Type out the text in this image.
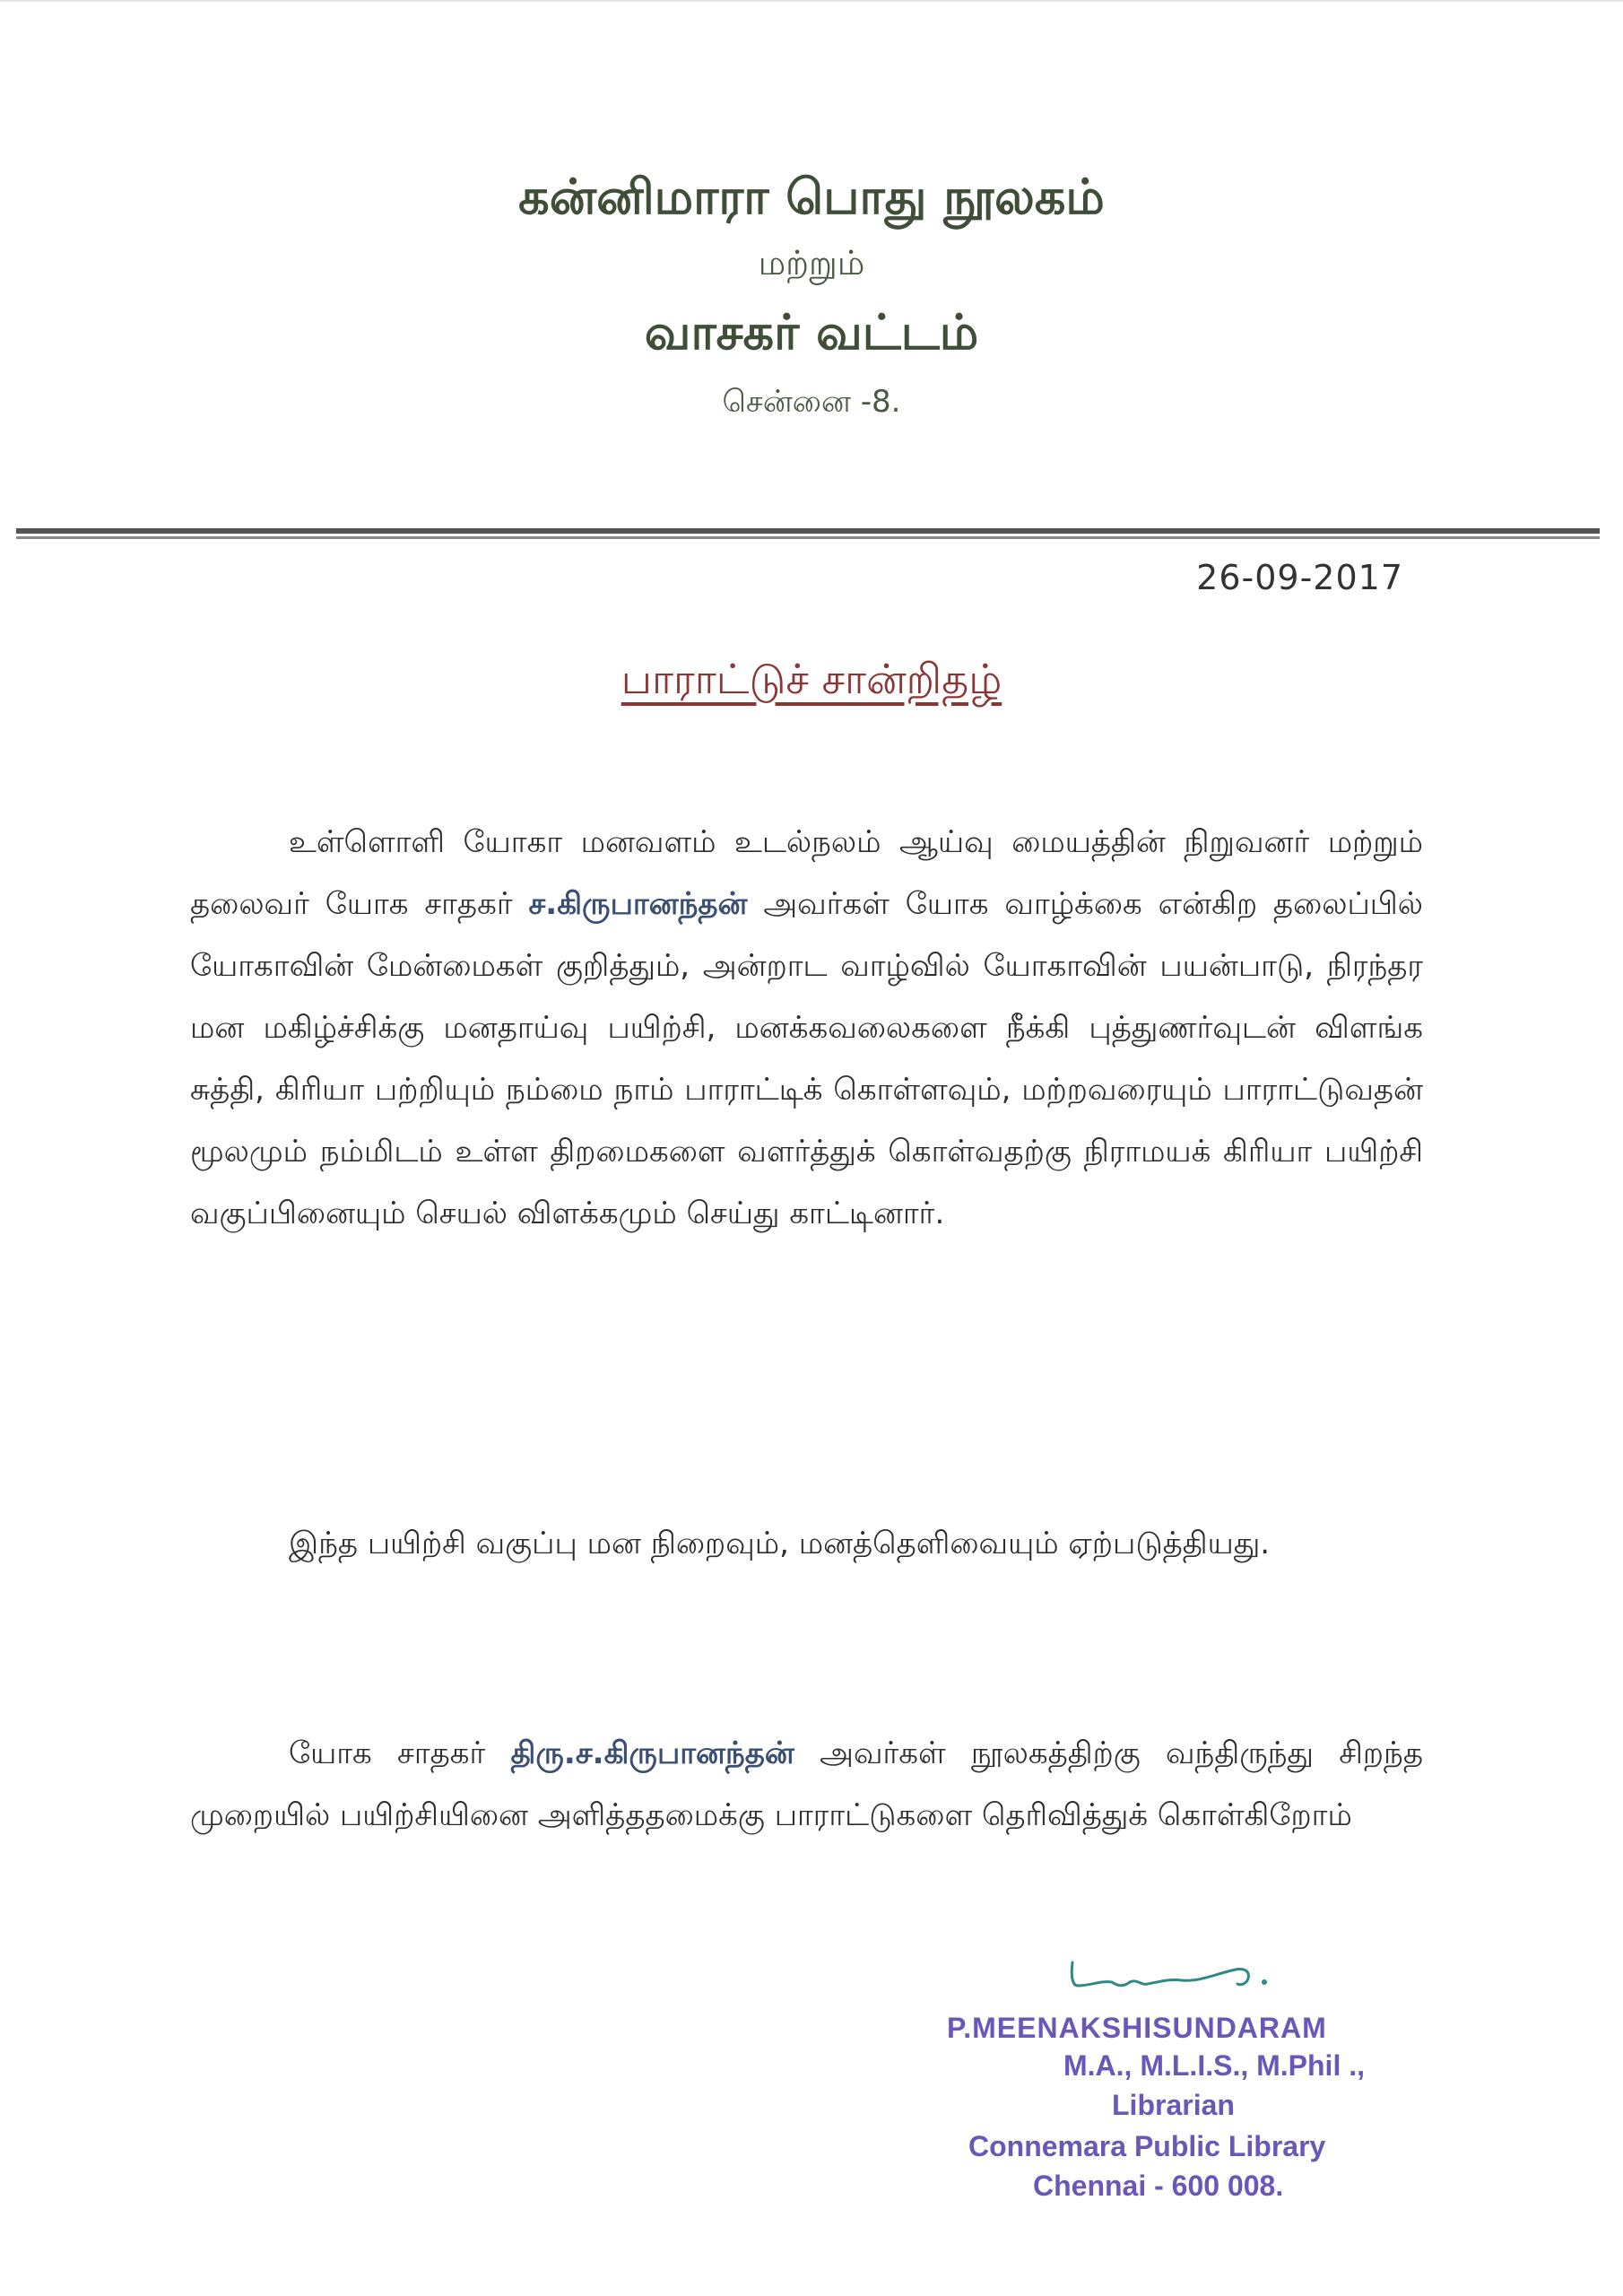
கன்னிமாரா பொது நூலகம்
மற்றும்
வாசகர் வட்டம்
சென்னை -8.
26-09-2017
பாராட்டுச் சான்றிதழ்

உள்ளொளி யோகா மனவளம் உடல்நலம் ஆய்வு மையத்தின் நிறுவனர் மற்றும் தலைவர் யோக சாதகர் ச.கிருபானந்தன் அவர்கள் யோக வாழ்க்கை என்கிற தலைப்பில் யோகாவின் மேன்மைகள் குறித்தும், அன்றாட வாழ்வில் யோகாவின் பயன்பாடு, நிரந்தர மன மகிழ்ச்சிக்கு மனதாய்வு பயிற்சி, மனக்கவலைகளை நீக்கி புத்துணர்வுடன் விளங்க சுத்தி, கிரியா பற்றியும் நம்மை நாம் பாராட்டிக் கொள்ளவும், மற்றவரையும் பாராட்டுவதன் மூலமும் நம்மிடம் உள்ள திறமைகளை வளர்த்துக் கொள்வதற்கு நிராமயக் கிரியா பயிற்சி வகுப்பினையும் செயல் விளக்கமும் செய்து காட்டினார்.

இந்த பயிற்சி வகுப்பு மன நிறைவும், மனத்தெளிவையும் ஏற்படுத்தியது.

யோக சாதகர் திரு.ச.கிருபானந்தன் அவர்கள் நூலகத்திற்கு வந்திருந்து சிறந்த முறையில் பயிற்சியினை அளித்ததமைக்கு பாராட்டுகளை தெரிவித்துக் கொள்கிறோம்

P.MEENAKSHISUNDARAM
M.A., M.L.I.S., M.Phil .,
Librarian
Connemara Public Library
Chennai - 600 008.
